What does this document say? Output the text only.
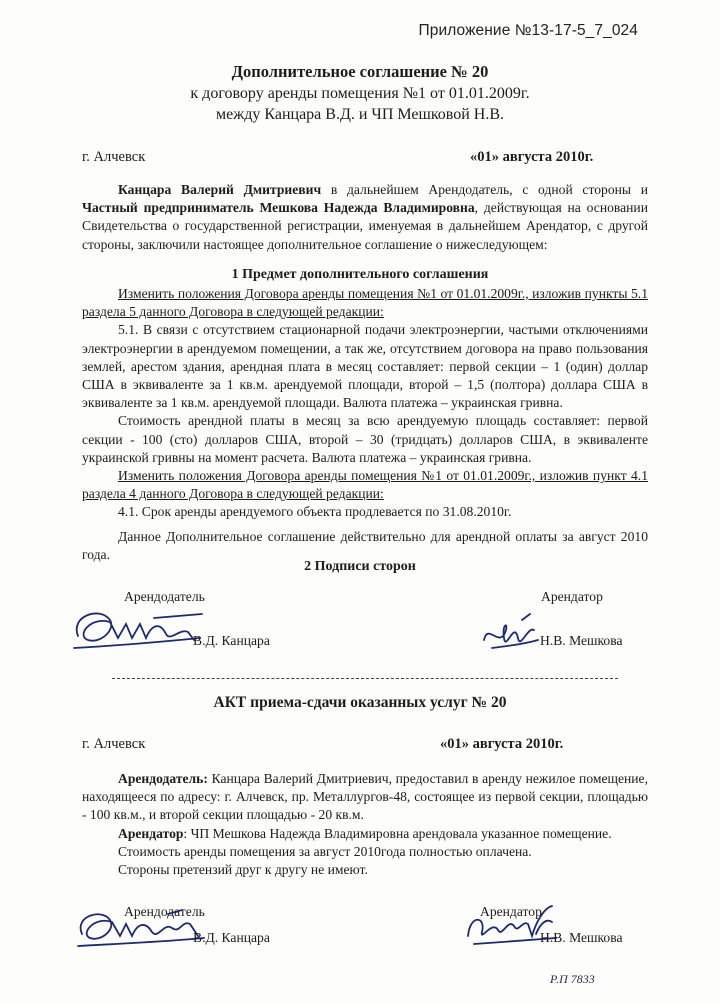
Приложение №13-17-5_7_024
Дополнительное соглашение № 20
к договору аренды помещения №1 от 01.01.2009г.
между Канцара В.Д. и ЧП Мешковой Н.В.
г. Алчевск	«01» августа 2010г.

Канцара Валерий Дмитриевич в дальнейшем Арендодатель, с одной стороны и Частный предприниматель Мешкова Надежда Владимировна, действующая на основании Свидетельства о государственной регистрации, именуемая в дальнейшем Арендатор, с другой стороны, заключили настоящее дополнительное соглашение о нижеследующем:

1 Предмет дополнительного соглашения

Изменить положения Договора аренды помещения №1 от 01.01.2009г., изложив пункты 5.1 раздела 5 данного Договора в следующей редакции:

5.1. В связи с отсутствием стационарной подачи электроэнергии, частыми отключениями электроэнергии в арендуемом помещении, а так же, отсутствием договора на право пользования землей, арестом здания, арендная плата в месяц составляет: первой секции – 1 (один) доллар США в эквиваленте за 1 кв.м. арендуемой площади, второй – 1,5 (полтора) доллара США в эквиваленте за 1 кв.м. арендуемой площади. Валюта платежа – украинская гривна.

Стоимость арендной платы в месяц за всю арендуемую площадь составляет: первой секции - 100 (сто) долларов США, второй – 30 (тридцать) долларов США, в эквиваленте украинской гривны на момент расчета. Валюта платежа – украинская гривна.

Изменить положения Договора аренды помещения №1 от 01.01.2009г., изложив пункт 4.1 раздела 4 данного Договора в следующей редакции:

4.1. Срок аренды арендуемого объекта продлевается по 31.08.2010г.

Данное Дополнительное соглашение действительно для арендной оплаты за август 2010 года.

2 Подписи сторон
Арендодатель	Арендатор
В.Д. Канцара	Н.В. Мешкова
АКТ приема-сдачи оказанных услуг № 20
г. Алчевск	«01» августа 2010г.

Арендодатель: Канцара Валерий Дмитриевич, предоставил в аренду нежилое помещение, находящееся по адресу: г. Алчевск, пр. Металлургов-48, состоящее из первой секции, площадью - 100 кв.м., и второй секции площадью - 20 кв.м.

Арендатор: ЧП Мешкова Надежда Владимировна арендовала указанное помещение.

Стоимость аренды помещения за август 2010года полностью оплачена.

Стороны претензий друг к другу не имеют.

Арендодатель	Арендатор
В.Д. Канцара	Н.В. Мешкова
Р.П 7833
